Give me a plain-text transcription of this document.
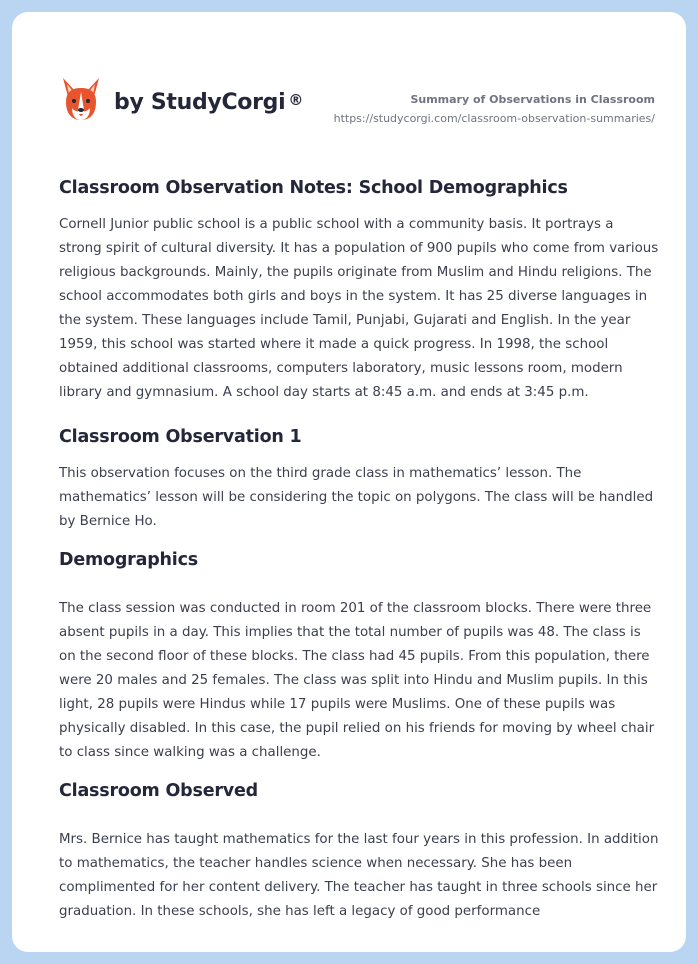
by StudyCorgi ®	Summary of Observations in Classroom
https://studycorgi.com/classroom-observation-summaries/
Classroom Observation Notes: School Demographics

Cornell Junior public school is a public school with a community basis. It portrays a strong spirit of cultural diversity. It has a population of 900 pupils who come from various religious backgrounds. Mainly, the pupils originate from Muslim and Hindu religions. The school accommodates both girls and boys in the system. It has 25 diverse languages in the system. These languages include Tamil, Punjabi, Gujarati and English. In the year 1959, this school was started where it made a quick progress. In 1998, the school obtained additional classrooms, computers laboratory, music lessons room, modern library and gymnasium. A school day starts at 8:45 a.m. and ends at 3:45 p.m.

Classroom Observation 1

This observation focuses on the third grade class in mathematics’ lesson. The mathematics’ lesson will be considering the topic on polygons. The class will be handled by Bernice Ho.

Demographics

The class session was conducted in room 201 of the classroom blocks. There were three absent pupils in a day. This implies that the total number of pupils was 48. The class is on the second floor of these blocks. The class had 45 pupils. From this population, there were 20 males and 25 females. The class was split into Hindu and Muslim pupils. In this light, 28 pupils were Hindus while 17 pupils were Muslims. One of these pupils was physically disabled. In this case, the pupil relied on his friends for moving by wheel chair to class since walking was a challenge.

Classroom Observed

Mrs. Bernice has taught mathematics for the last four years in this profession. In addition to mathematics, the teacher handles science when necessary. She has been complimented for her content delivery. The teacher has taught in three schools since her graduation. In these schools, she has left a legacy of good performance
